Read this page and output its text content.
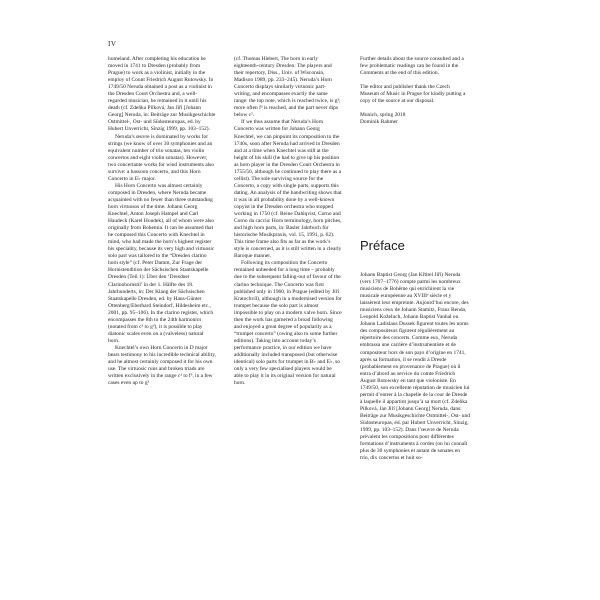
IV

homeland. After completing his education he moved in 1741 to Dresden (probably from Prague) to work as a violinist, initially in the employ of Count Friedrich August Rutowsky. In 1749/50 Neruda obtained a post as a violinist in the Dresden Court Orchestra and, a well-regarded musician, he remained in it until his death (cf. Zdeňka Pilková, Jan Jiří [Johann Georg] Neruda, in: Beiträge zur Musikgeschichte Ostmittel-, Ost- und Südosteuropas, ed. by Hubert Unverricht, Sinzig 1999, pp. 103–152).

Neruda’s œuvre is dominated by works for strings (we know of over 30 symphonies and an equivalent number of trio sonatas, ten violin concertos and eight violin sonatas). However, two concertante works for wind instruments also survive: a bassoon concerto, and this Horn Concerto in E♭ major.

His Horn Concerto was almost certainly composed in Dresden, where Neruda became acquainted with no fewer than three outstanding horn virtuosos of the time: Johann Georg Knechtel, Anton Joseph Hampel and Carl Haudeck (Karel Houdek), all of whom were also originally from Bohemia. It can be assumed that he composed this Concerto with Knechtel in mind, who had made the horn’s highest register his speciality, because its very high and virtuosic solo part was tailored to the “Dresden clarino horn style” (cf. Peter Damm, Zur Frage der Hornistendition der Sächsischen Staatskapelle Dresden (Teil 1): Über den ‘Dresdner Clarinohornstil’ in der 1. Hälfte des 18. Jahrhunderts, in: Der Klang der Sächsischen Staatskapelle Dresden, ed. by Hans-Günter Ottenberg/Eberhard Steindorf, Hildesheim etc., 2001, pp. 95–106). In the clarino register, which encompasses the 8th to the 24th harmonics (notated from c² to g³), it is possible to play diatonic scales even on a (valveless) natural horn.

Knechtel’s own Horn Concerto in D major bears testimony to his incredible technical ability, and he almost certainly composed it for his own use. The virtuosic runs and broken triads are written exclusively in the range c² to f³, in a few cases even up to g³

(cf. Thomas Hiebert, The horn in early eighteenth-century Dresden: The players and their repertory, Diss., Univ. of Wisconsin, Madison 1989, pp. 233–245). Neruda’s Horn Concerto displays similarly virtuosic part-writing, and encompasses exactly the same range: the top note, which is reached twice, is g³; more often f³ is reached, and the part never dips below c².

If we thus assume that Neruda’s Horn Concerto was written for Johann Georg Knechtel, we can pinpoint its composition to the 1740s, soon after Neruda had arrived in Dresden and at a time when Knechtel was still at the height of his skill (he had to give up his position as horn player in the Dresden Court Orchestra in 1755/56, although he continued to play there as a cellist). The sole surviving source for the Concerto, a copy with single parts, supports this dating. An analysis of the handwriting shows that it was in all probability done by a well-known copyist in the Dresden orchestra who stopped working in 1750 (cf. Reine Dahlqvist, Corno and Corno da caccia: Horn terminology, horn pitches, and high horn parts, in: Basler Jahrbuch für historische Musikpraxis, vol. 15, 1991, p. 62). This time frame also fits as far as the work’s style is concerned, as it is still written in a clearly Baroque manner.

Following its composition the Concerto remained unheeded for a long time – probably due to the subsequent falling-out of favour of the clarino technique. The Concerto was first published only in 1960, in Prague (edited by Jiří Kratochvíl), although in a modernised version for trumpet because the solo part is almost impossible to play on a modern valve horn. Since then the work has garnered a broad following and enjoyed a great degree of popularity as a “trumpet concerto” (owing also to some further editions). Taking into account today’s performance practice, in our edition we have additionally included transposed (but otherwise identical) solo parts for trumpet in B♭ and E♭, so only a very few specialised players would be able to play it in its original version for natural horn.

Further details about the source consulted and a few problematic readings can be found in the Comments at the end of this edition.

The editor and publisher thank the Czech Museum of Music in Prague for kindly putting a copy of the source at our disposal.

Munich, spring 2018

Dominik Rahmer

Préface

Johann Baptist Georg (Jan Křtitel Jiří) Neruda (vers 1707–1776) compte parmi les nombreux musiciens de Bohême qui enrichirent la vie musicale européenne au XVIIIᵉ siècle et y laissèrent leur empreinte. Aujourd’hui encore, des musiciens ceux de Johann Stamitz, Franz Benda, Leopold Koželuch, Johann Baptist Vanhal ou Johann Ladislaus Dussek figurent toutes les noms des compositeurs figurent régulièrement au répertoire des concerts. Comme eux, Neruda embrassa une carrière d’instrumentiste et de compositeur hors de son pays d’origine en 1741, après sa formation, il se rendit à Dresde (probablement en provenance de Prague) où il entra d’abord au service du comte Friedrich August Rutowsky en tant que violoniste. En 1749/50, son excellente réputation de musicien lui permit d’entrer à la chapelle de la cour de Dresde à laquelle il appartint jusqu’à sa mort (cf. Zdeňka Pilková, Jan Jiří [Johann Georg] Neruda, dans: Beiträge zur Musikgeschichte Ostmittel-, Ost- und Südosteuropas, éd. par Hubert Unverricht, Sinzig, 1999, pp. 103–152). Dans l’œuvre de Neruda prévalent les compositions pour différentes formations d’instruments à cordes (on lui connaît plus de 30 symphonies et autant de sonates en trio, dix concertos et huit so-
